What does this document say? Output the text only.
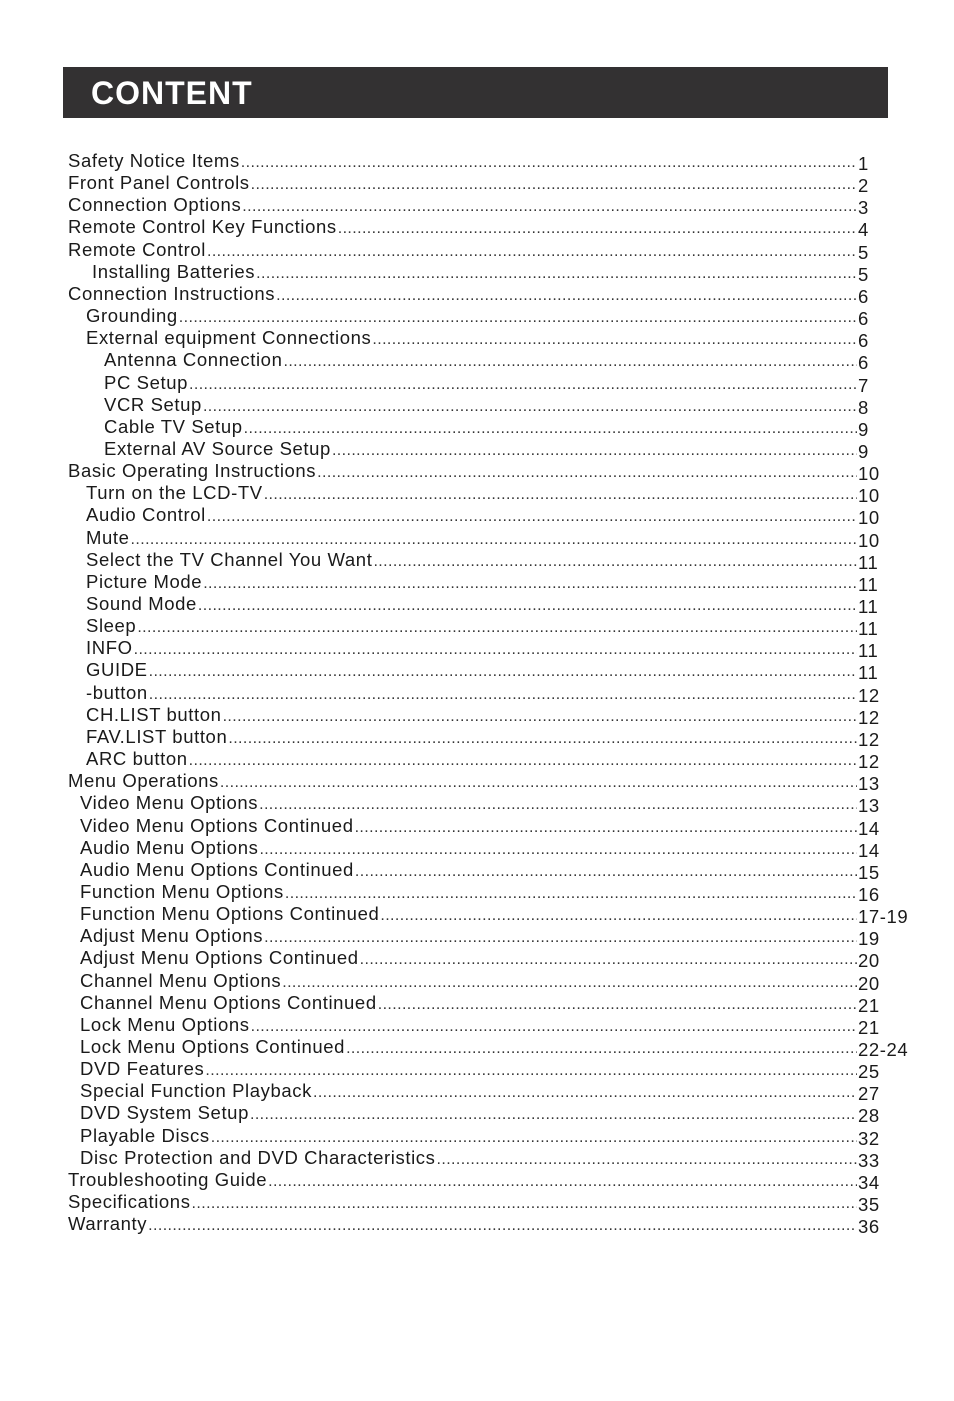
CONTENT
Safety Notice Items .....	1
Front Panel Controls .....	2
Connection Options .....	3
Remote Control Key Functions .....	4
Remote Control .....	5
Installing Batteries .....	5
Connection Instructions .....	6
Grounding .....	6
External equipment Connections .....	6
Antenna Connection .....	6
PC Setup .....	7
VCR Setup .....	8
Cable TV Setup .....	9
External AV Source Setup .....	9
Basic Operating Instructions .....	10
Turn on the LCD-TV .....	10
Audio Control .....	10
Mute .....	10
Select the TV Channel You Want .....	11
Picture Mode .....	11
Sound Mode .....	11
Sleep .....	11
INFO .....	11
GUIDE .....	11
-button .....	12
CH.LIST button .....	12
FAV.LIST button .....	12
ARC button .....	12
Menu Operations .....	13
Video Menu Options .....	13
Video Menu Options Continued .....	14
Audio Menu Options .....	14
Audio Menu Options Continued .....	15
Function Menu Options .....	16
Function Menu Options Continued .....	17-19
Adjust Menu Options .....	19
Adjust Menu Options Continued .....	20
Channel Menu Options .....	20
Channel Menu Options Continued .....	21
Lock Menu Options .....	21
Lock Menu Options Continued .....	22-24
DVD Features .....	25
Special Function Playback .....	27
DVD System Setup .....	28
Playable Discs .....	32
Disc Protection and DVD Characteristics .....	33
Troubleshooting Guide .....	34
Specifications .....	35
Warranty .....	36
